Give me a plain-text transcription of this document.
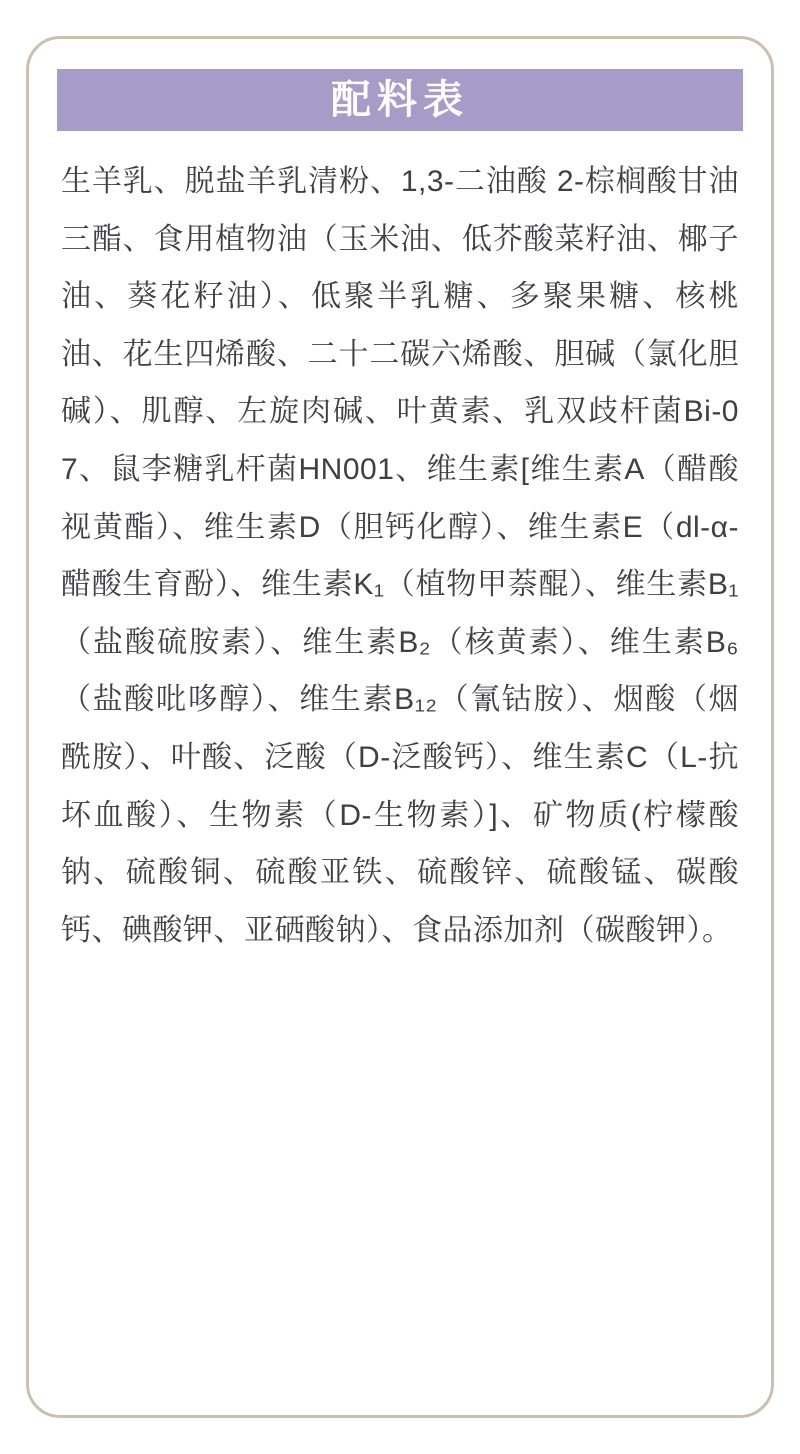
配料表
生羊乳、脱盐羊乳清粉、1,3-二油酸 2-棕榈酸甘油三酯、食用植物油（玉米油、低芥酸菜籽油、椰子油、葵花籽油）、低聚半乳糖、多聚果糖、核桃油、花生四烯酸、二十二碳六烯酸、胆碱（氯化胆碱）、肌醇、左旋肉碱、叶黄素、乳双歧杆菌Bi-07、鼠李糖乳杆菌HN001、维生素[维生素A（醋酸视黄酯）、维生素D（胆钙化醇）、维生素E（dl-α-醋酸生育酚）、维生素K₁（植物甲萘醌）、维生素B₁（盐酸硫胺素）、维生素B₂（核黄素）、维生素B₆（盐酸吡哆醇）、维生素B₁₂（氰钴胺）、烟酸（烟酰胺）、叶酸、泛酸（D-泛酸钙）、维生素C（L-抗坏血酸）、生物素（D-生物素）]、矿物质(柠檬酸钠、硫酸铜、硫酸亚铁、硫酸锌、硫酸锰、碳酸钙、碘酸钾、亚硒酸钠）、食品添加剂（碳酸钾）。
